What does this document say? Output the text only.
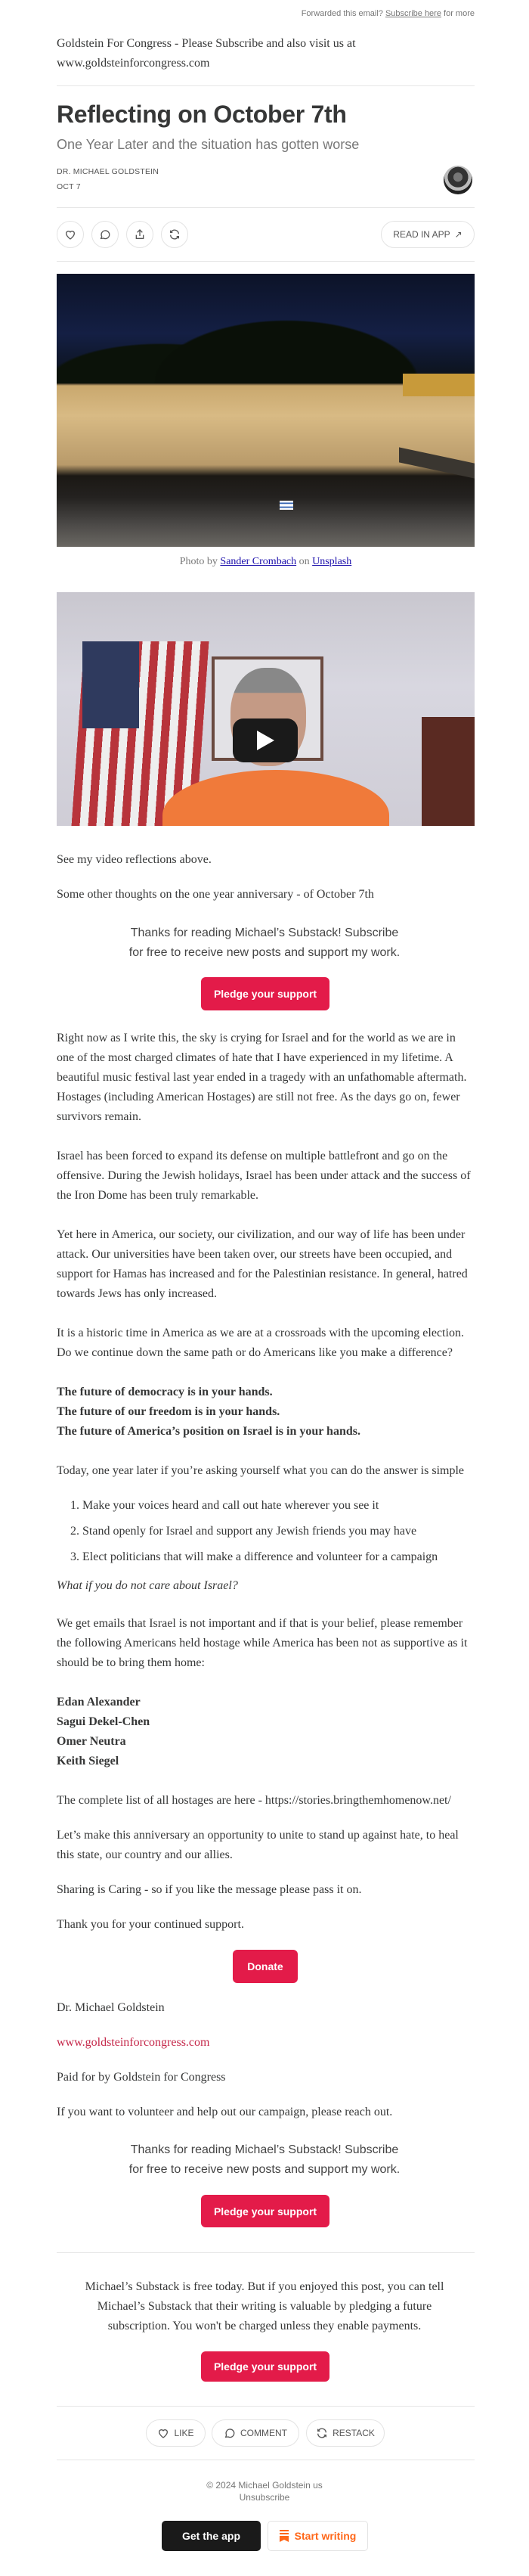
Forwarded this email? Subscribe here for more

Goldstein For Congress - Please Subscribe and also visit us at

www.goldsteinforcongress.com

Reflecting on October 7th
One Year Later and the situation has gotten worse
DR. MICHAEL GOLDSTEIN
OCT 7
READ IN APP ↗
Photo by Sander Crombach on Unsplash

See my video reflections above.

Some other thoughts on the one year anniversary - of October 7th

Thanks for reading Michael’s Substack! Subscribe for free to receive new posts and support my work.

Pledge your support

Right now as I write this, the sky is crying for Israel and for the world as we are in one of the most charged climates of hate that I have experienced in my lifetime. A beautiful music festival last year ended in a tragedy with an unfathomable aftermath. Hostages (including American Hostages) are still not free. As the days go on, fewer survivors remain.

Israel has been forced to expand its defense on multiple battlefront and go on the offensive. During the Jewish holidays, Israel has been under attack and the success of the Iron Dome has been truly remarkable.

Yet here in America, our society, our civilization, and our way of life has been under attack. Our universities have been taken over, our streets have been occupied, and support for Hamas has increased and for the Palestinian resistance. In general, hatred towards Jews has only increased.

It is a historic time in America as we are at a crossroads with the upcoming election. Do we continue down the same path or do Americans like you make a difference?

The future of democracy is in your hands.

The future of our freedom is in your hands.

The future of America’s position on Israel is in your hands.

Today, one year later if you’re asking yourself what you can do the answer is simple

1. Make your voices heard and call out hate wherever you see it
2. Stand openly for Israel and support any Jewish friends you may have
3. Elect politicians that will make a difference and volunteer for a campaign

What if you do not care about Israel?

We get emails that Israel is not important and if that is your belief, please remember the following Americans held hostage while America has been not as supportive as it should be to bring them home:

Edan Alexander

Sagui Dekel-Chen

Omer Neutra

Keith Siegel

The complete list of all hostages are here - https://stories.bringthemhomenow.net/

Let’s make this anniversary an opportunity to unite to stand up against hate, to heal this state, our country and our allies.

Sharing is Caring - so if you like the message please pass it on.

Thank you for your continued support.

Donate

Dr. Michael Goldstein

www.goldsteinforcongress.com

Paid for by Goldstein for Congress

If you want to volunteer and help out our campaign, please reach out.

Thanks for reading Michael’s Substack! Subscribe for free to receive new posts and support my work.

Pledge your support

Michael’s Substack is free today. But if you enjoyed this post, you can tell Michael’s Substack that their writing is valuable by pledging a future subscription. You won't be charged unless they enable payments.

Pledge your support
LIKE	COMMENT	RESTACK
© 2024 Michael Goldstein us
Unsubscribe
Get the app	Start writing
